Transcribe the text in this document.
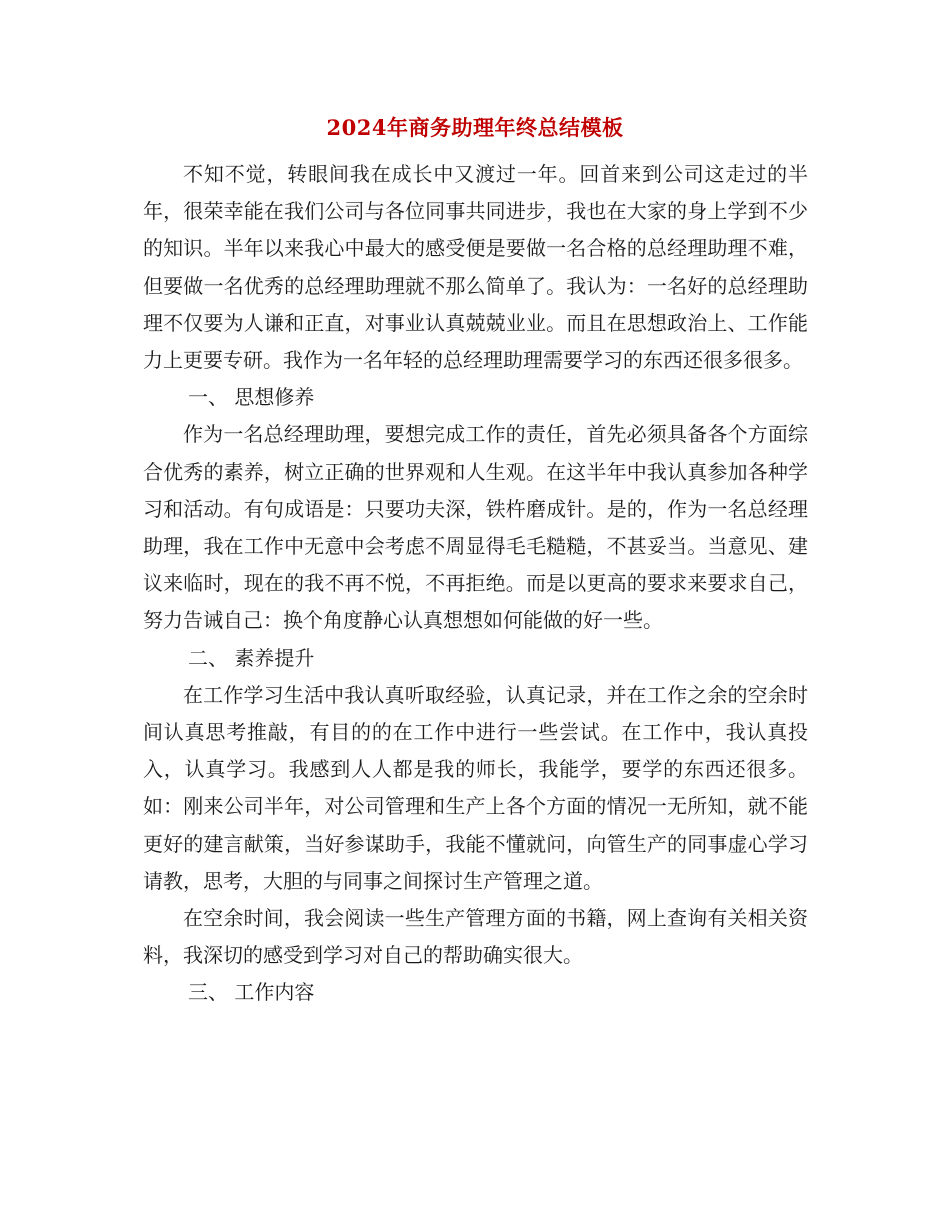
2024年商务助理年终总结模板

不知不觉，转眼间我在成长中又渡过一年。回首来到公司这走过的半年，很荣幸能在我们公司与各位同事共同进步，我也在大家的身上学到不少的知识。半年以来我心中最大的感受便是要做一名合格的总经理助理不难，但要做一名优秀的总经理助理就不那么简单了。我认为：一名好的总经理助理不仅要为人谦和正直，对事业认真兢兢业业。而且在思想政治上、工作能力上更要专研。我作为一名年轻的总经理助理需要学习的东西还很多很多。

一、 思想修养

作为一名总经理助理，要想完成工作的责任，首先必须具备各个方面综合优秀的素养，树立正确的世界观和人生观。在这半年中我认真参加各种学习和活动。有句成语是：只要功夫深，铁杵磨成针。是的，作为一名总经理助理，我在工作中无意中会考虑不周显得毛毛糙糙，不甚妥当。当意见、建议来临时，现在的我不再不悦，不再拒绝。而是以更高的要求来要求自己，努力告诫自己：换个角度静心认真想想如何能做的好一些。

二、 素养提升

在工作学习生活中我认真听取经验，认真记录，并在工作之余的空余时间认真思考推敲，有目的的在工作中进行一些尝试。在工作中，我认真投入，认真学习。我感到人人都是我的师长，我能学，要学的东西还很多。如：刚来公司半年，对公司管理和生产上各个方面的情况一无所知，就不能更好的建言献策，当好参谋助手，我能不懂就问，向管生产的同事虚心学习请教，思考，大胆的与同事之间探讨生产管理之道。

在空余时间，我会阅读一些生产管理方面的书籍，网上查询有关相关资料，我深切的感受到学习对自己的帮助确实很大。

三、 工作内容
